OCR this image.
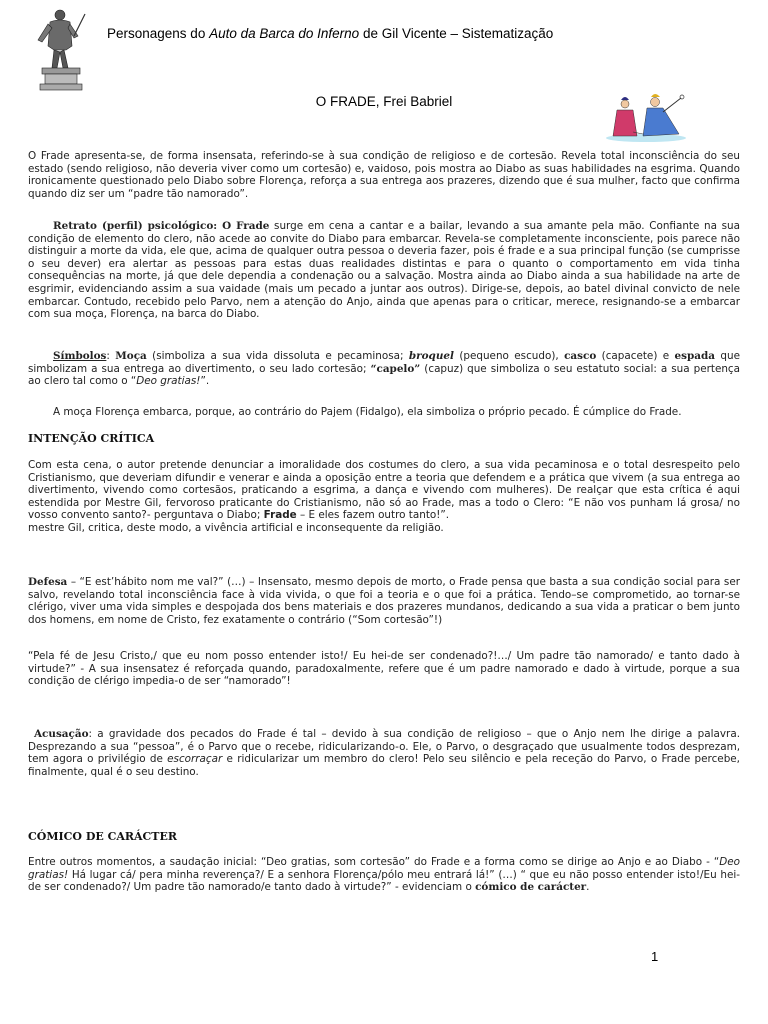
Personagens do Auto da Barca do Inferno de Gil Vicente – Sistematização
O FRADE, Frei Babriel
O Frade apresenta-se, de forma insensata, referindo-se à sua condição de religioso e de cortesão. Revela total inconsciência do seu estado (sendo religioso, não deveria viver como um cortesão) e, vaidoso, pois mostra ao Diabo as suas habilidades na esgrima. Quando ironicamente questionado pelo Diabo sobre Florença, reforça a sua entrega aos prazeres, dizendo que é sua mulher, facto que confirma quando diz ser um “padre tão namorado”.
Retrato (perfil) psicológico: O Frade surge em cena a cantar e a bailar, levando a sua amante pela mão. Confiante na sua condição de elemento do clero, não acede ao convite do Diabo para embarcar. Revela-se completamente inconsciente, pois parece não distinguir a morte da vida, ele que, acima de qualquer outra pessoa o deveria fazer, pois é frade e a sua principal função (se cumprisse o seu dever) era alertar as pessoas para estas duas realidades distintas e para o quanto o comportamento em vida tinha consequências na morte, já que dele dependia a condenação ou a salvação. Mostra ainda ao Diabo ainda a sua habilidade na arte de esgrimir, evidenciando assim a sua vaidade (mais um pecado a juntar aos outros). Dirige-se, depois, ao batel divinal convicto de nele embarcar. Contudo, recebido pelo Parvo, nem a atenção do Anjo, ainda que apenas para o criticar, merece, resignando-se a embarcar com sua moça, Florença, na barca do Diabo.
Símbolos: Moça (simboliza a sua vida dissoluta e pecaminosa; broquel (pequeno escudo), casco (capacete) e espada que simbolizam a sua entrega ao divertimento, o seu lado cortesão; “capelo” (capuz) que simboliza o seu estatuto social: a sua pertença ao clero tal como o “Deo gratias!”.
A moça Florença embarca, porque, ao contrário do Pajem (Fidalgo), ela simboliza o próprio pecado. É cúmplice do Frade.
INTENÇÃO CRÍTICA
Com esta cena, o autor pretende denunciar a imoralidade dos costumes do clero, a sua vida pecaminosa e o total desrespeito pelo Cristianismo, que deveriam difundir e venerar e ainda a oposição entre a teoria que defendem e a prática que vivem (a sua entrega ao divertimento, vivendo como cortesãos, praticando a esgrima, a dança e vivendo com mulheres). De realçar que esta crítica é aqui estendida por Mestre Gil, fervoroso praticante do Cristianismo, não só ao Frade, mas a todo o Clero: “E não vos punham lá grosa/ no vosso convento santo?- perguntava o Diabo; Frade – E eles fazem outro tanto!”.
mestre Gil, critica, deste modo, a vivência artificial e inconsequente da religião.
Defesa – “E est’hábito nom me val?” (…) – Insensato, mesmo depois de morto, o Frade pensa que basta a sua condição social para ser salvo, revelando total inconsciência face à vida vivida, o que foi a teoria e o que foi a prática. Tendo–se comprometido, ao tornar-se clérigo, viver uma vida simples e despojada dos bens materiais e dos prazeres mundanos, dedicando a sua vida a praticar o bem junto dos homens, em nome de Cristo, fez exatamente o contrário (“Som cortesão”!)
“Pela fé de Jesu Cristo,/ que eu nom posso entender isto!/ Eu hei-de ser condenado?!…/ Um padre tão namorado/ e tanto dado à virtude?” - A sua insensatez é reforçada quando, paradoxalmente, refere que é um padre namorado e dado à virtude, porque a sua condição de clérigo impedia-o de ser “namorado”!
Acusação: a gravidade dos pecados do Frade é tal – devido à sua condição de religioso – que o Anjo nem lhe dirige a palavra. Desprezando a sua “pessoa”, é o Parvo que o recebe, ridicularizando-o. Ele, o Parvo, o desgraçado que usualmente todos desprezam, tem agora o privilégio de escorraçar e ridicularizar um membro do clero! Pelo seu silêncio e pela receção do Parvo, o Frade percebe, finalmente, qual é o seu destino.
CÓMICO DE CARÁCTER
Entre outros momentos, a saudação inicial: “Deo gratias, som cortesão” do Frade e a forma como se dirige ao Anjo e ao Diabo - “Deo gratias! Há lugar cá/ pera minha reverença?/ E a senhora Florença/pólo meu entrará lá!” (…) “ que eu não posso entender isto!/Eu hei-de ser condenado?/ Um padre tão namorado/e tanto dado à virtude?” - evidenciam o cómico de carácter.
1
